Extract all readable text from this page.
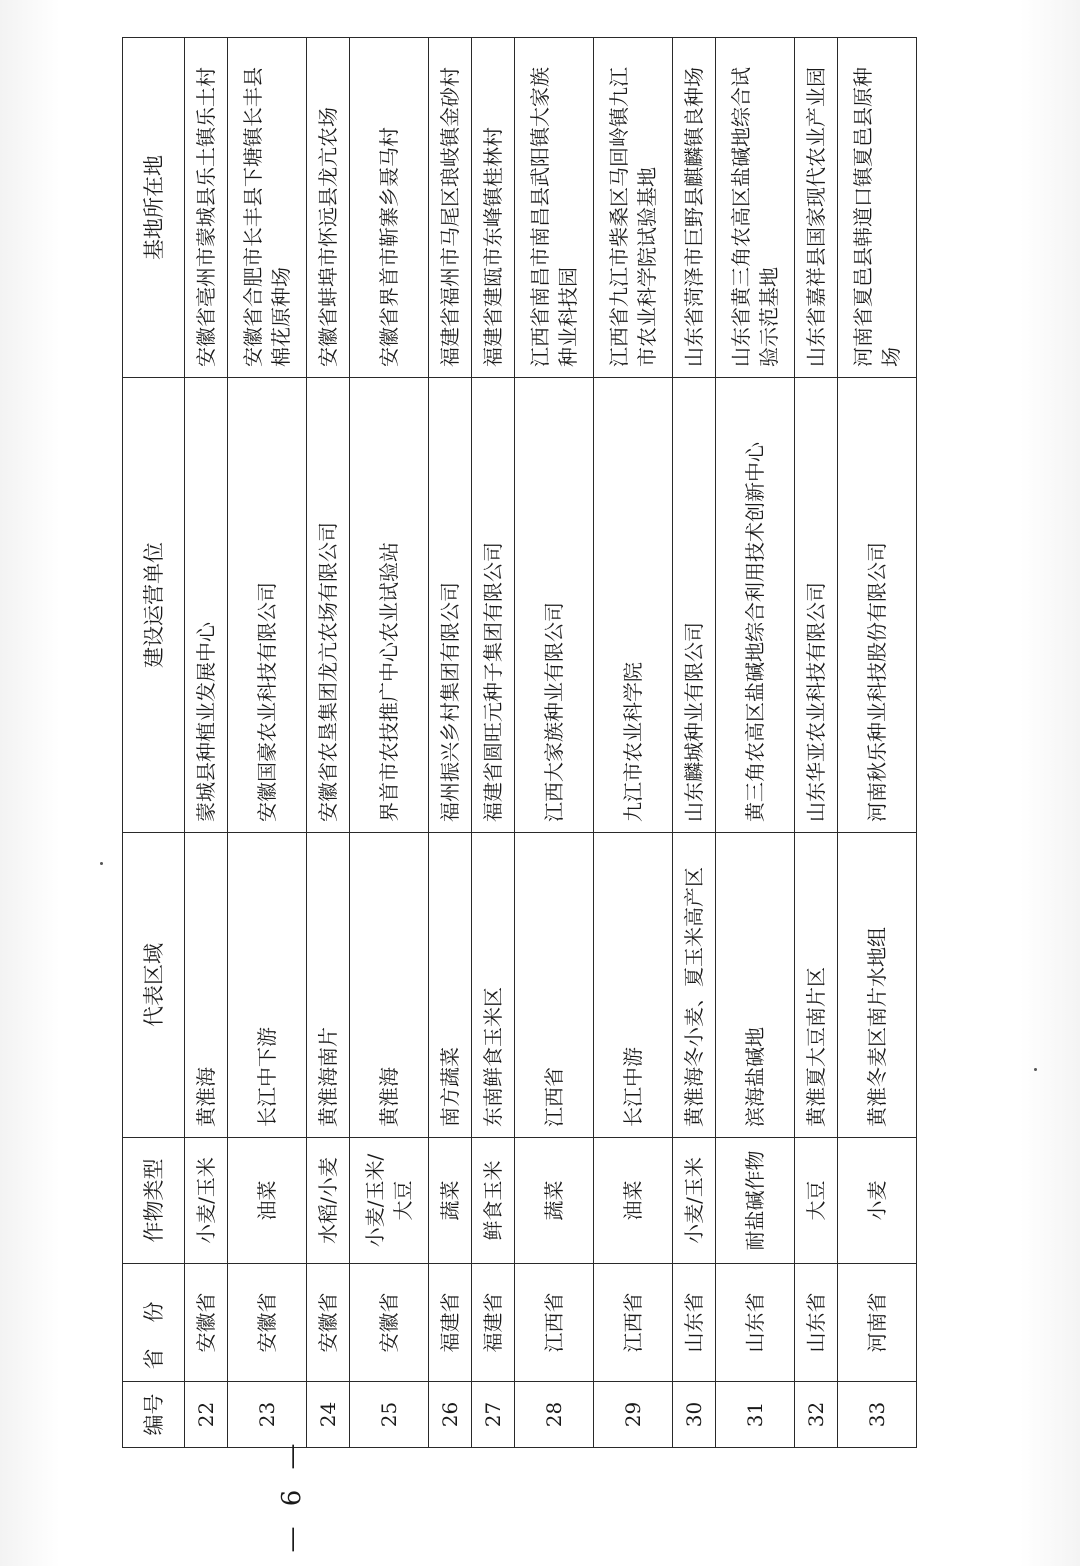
编号	省份	作物类型	代表区域	建设运营单位	基地所在地
22	安徽省	小麦/玉米	黄淮海	蒙城县种植业发展中心	安徽省亳州市蒙城县乐土镇乐土村
23	安徽省	油菜	长江中下游	安徽国豪农业科技有限公司	安徽省合肥市长丰县下塘镇长丰县棉花原种场
24	安徽省	水稻/小麦	黄淮海南片	安徽省农垦集团龙亢农场有限公司	安徽省蚌埠市怀远县龙亢农场
25	安徽省	小麦/玉米/大豆	黄淮海	界首市农技推广中心农业试验站	安徽省界首市靳寨乡聂马村
26	福建省	蔬菜	南方蔬菜	福州振兴乡村集团有限公司	福建省福州市马尾区琅岐镇金砂村
27	福建省	鲜食玉米	东南鲜食玉米区	福建省圆旺元种子集团有限公司	福建省建瓯市东峰镇桂林村
28	江西省	蔬菜	江西省	江西大家族种业有限公司	江西省南昌市南昌县武阳镇大家族种业科技园
29	江西省	油菜	长江中游	九江市农业科学院	江西省九江市柴桑区马回岭镇九江市农业科学院试验基地
30	山东省	小麦/玉米	黄淮海冬小麦、夏玉米高产区	山东麟城种业有限公司	山东省菏泽市巨野县麒麟镇良种场
31	山东省	耐盐碱作物	滨海盐碱地	黄三角农高区盐碱地综合利用技术创新中心	山东省黄三角农高区盐碱地综合试验示范基地
32	山东省	大豆	黄淮夏大豆南片区	山东华亚农业科技有限公司	山东省嘉祥县国家现代农业产业园
33	河南省	小麦	黄淮冬麦区南片水地组	河南秋乐种业科技股份有限公司	河南省夏邑县韩道口镇夏邑县原种场
— 6 —
